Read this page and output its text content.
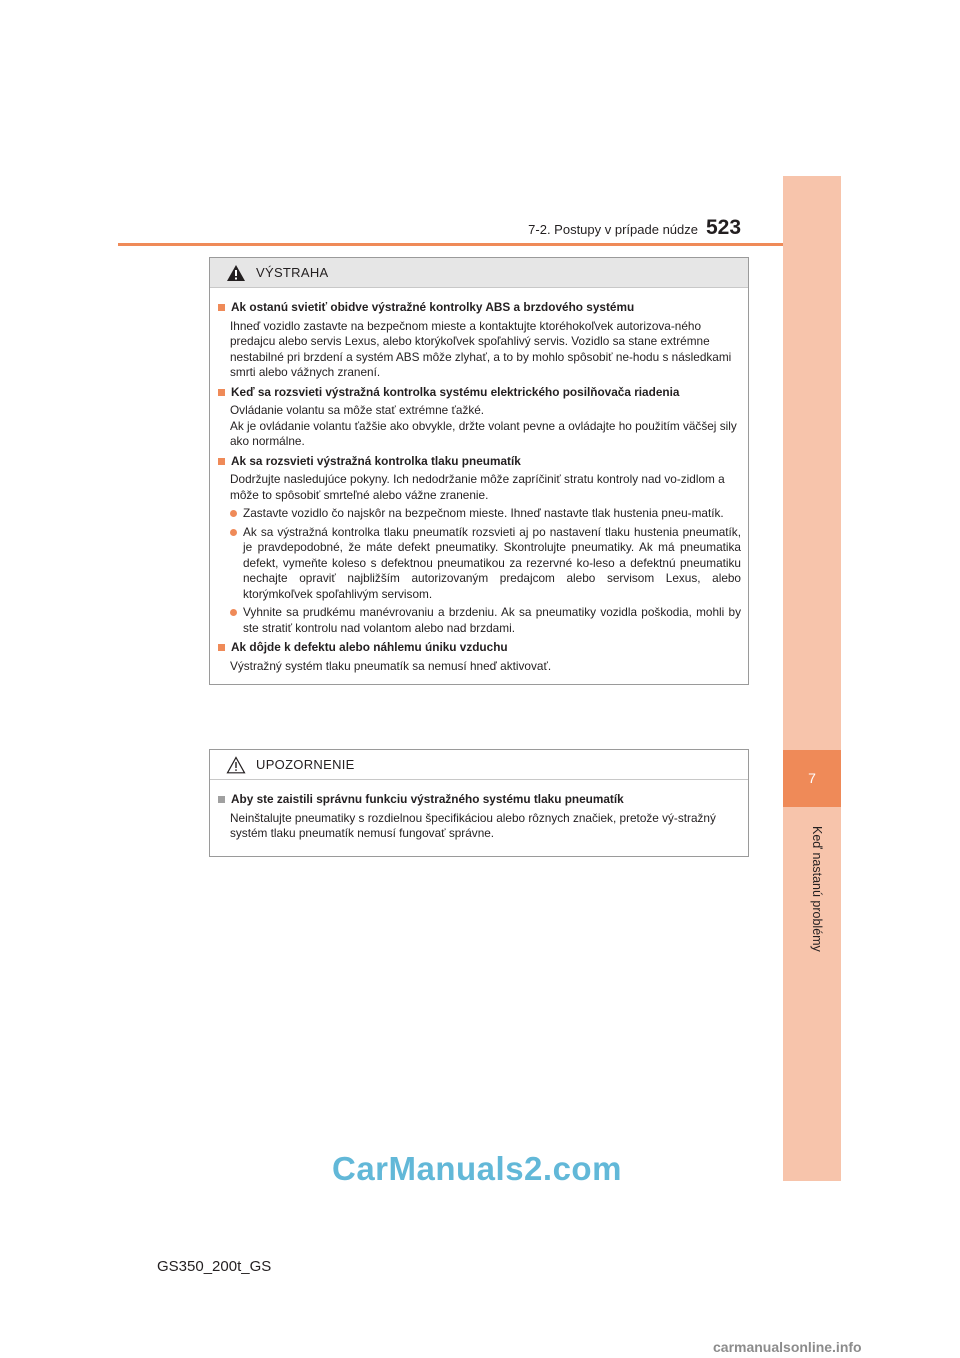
7
Keď nastanú problémy
7-2. Postupy v prípade núdze 523
VÝSTRAHA
Ak ostanú svietiť obidve výstražné kontrolky ABS a brzdového systému
Ihneď vozidlo zastavte na bezpečnom mieste a kontaktujte ktoréhokoľvek autorizova-ného predajcu alebo servis Lexus, alebo ktorýkoľvek spoľahlivý servis. Vozidlo sa stane extrémne nestabilné pri brzdení a systém ABS môže zlyhať, a to by mohlo spôsobiť ne-hodu s následkami smrti alebo vážnych zranení.
Keď sa rozsvieti výstražná kontrolka systému elektrického posilňovača riadenia
Ovládanie volantu sa môže stať extrémne ťažké.
Ak je ovládanie volantu ťažšie ako obvykle, držte volant pevne a ovládajte ho použitím väčšej sily ako normálne.
Ak sa rozsvieti výstražná kontrolka tlaku pneumatík
Dodržujte nasledujúce pokyny. Ich nedodržanie môže zapríčiniť stratu kontroly nad vo-zidlom a môže to spôsobiť smrteľné alebo vážne zranenie.
Zastavte vozidlo čo najskôr na bezpečnom mieste. Ihneď nastavte tlak hustenia pneu-matík.
Ak sa výstražná kontrolka tlaku pneumatík rozsvieti aj po nastavení tlaku hustenia pneumatík, je pravdepodobné, že máte defekt pneumatiky. Skontrolujte pneumatiky. Ak má pneumatika defekt, vymeňte koleso s defektnou pneumatikou za rezervné ko-leso a defektnú pneumatiku nechajte opraviť najbližším autorizovaným predajcom alebo servisom Lexus, alebo ktorýmkoľvek spoľahlivým servisom.
Vyhnite sa prudkému manévrovaniu a brzdeniu. Ak sa pneumatiky vozidla poškodia, mohli by ste stratiť kontrolu nad volantom alebo nad brzdami.
Ak dôjde k defektu alebo náhlemu úniku vzduchu
Výstražný systém tlaku pneumatík sa nemusí hneď aktivovať.
UPOZORNENIE
Aby ste zaistili správnu funkciu výstražného systému tlaku pneumatík
Neinštalujte pneumatiky s rozdielnou špecifikáciou alebo rôznych značiek, pretože vý-stražný systém tlaku pneumatík nemusí fungovať správne.
CarManuals2.com
GS350_200t_GS
carmanualsonline.info
